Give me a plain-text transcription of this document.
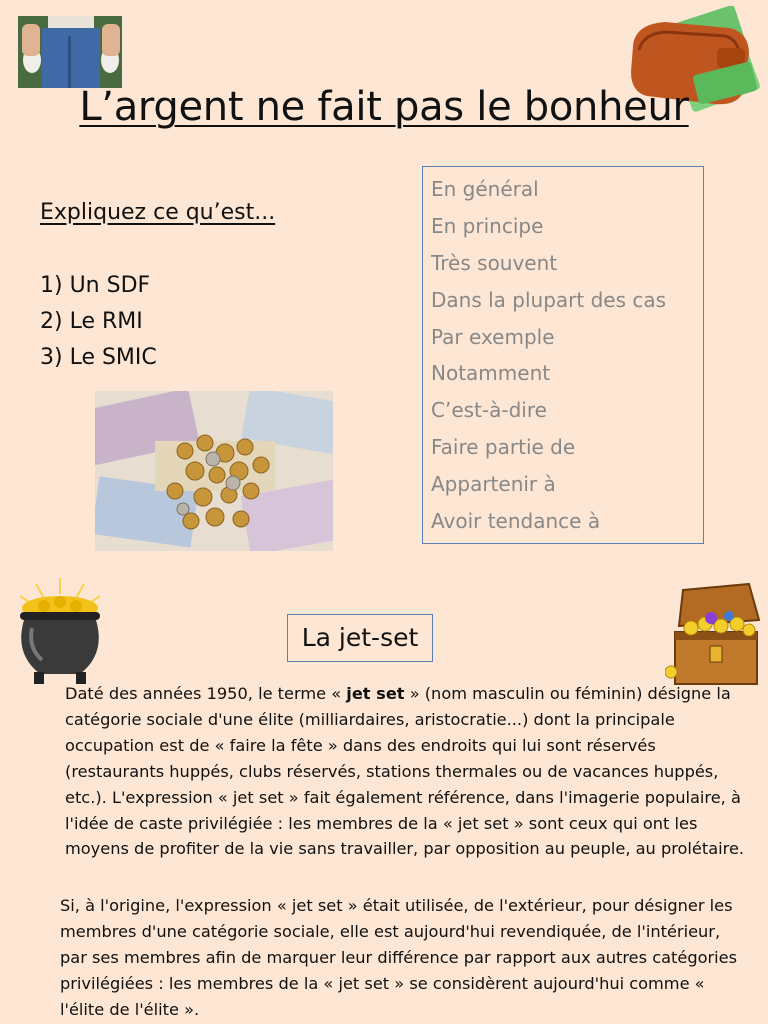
L’argent ne fait pas le bonheur
Expliquez ce qu’est...
1) Un SDF
2) Le RMI
3) Le SMIC
En général
En principe
Très souvent
Dans la plupart des cas
Par exemple
Notamment
C’est-à-dire
Faire partie de
Appartenir à
Avoir tendance à
La jet-set

Daté des années 1950, le terme « jet set » (nom masculin ou féminin) désigne la catégorie sociale d'une élite (milliardaires, aristocratie...) dont la principale occupation est de « faire la fête » dans des endroits qui lui sont réservés (restaurants huppés, clubs réservés, stations thermales ou de vacances huppés, etc.). L'expression « jet set » fait également référence, dans l'imagerie populaire, à l'idée de caste privilégiée : les membres de la « jet set » sont ceux qui ont les moyens de profiter de la vie sans travailler, par opposition au peuple, au prolétaire.

Si, à l'origine, l'expression « jet set » était utilisée, de l'extérieur, pour désigner les membres d'une catégorie sociale, elle est aujourd'hui revendiquée, de l'intérieur, par ses membres afin de marquer leur différence par rapport aux autres catégories privilégiées : les membres de la « jet set » se considèrent aujourd'hui comme « l'élite de l'élite ».
